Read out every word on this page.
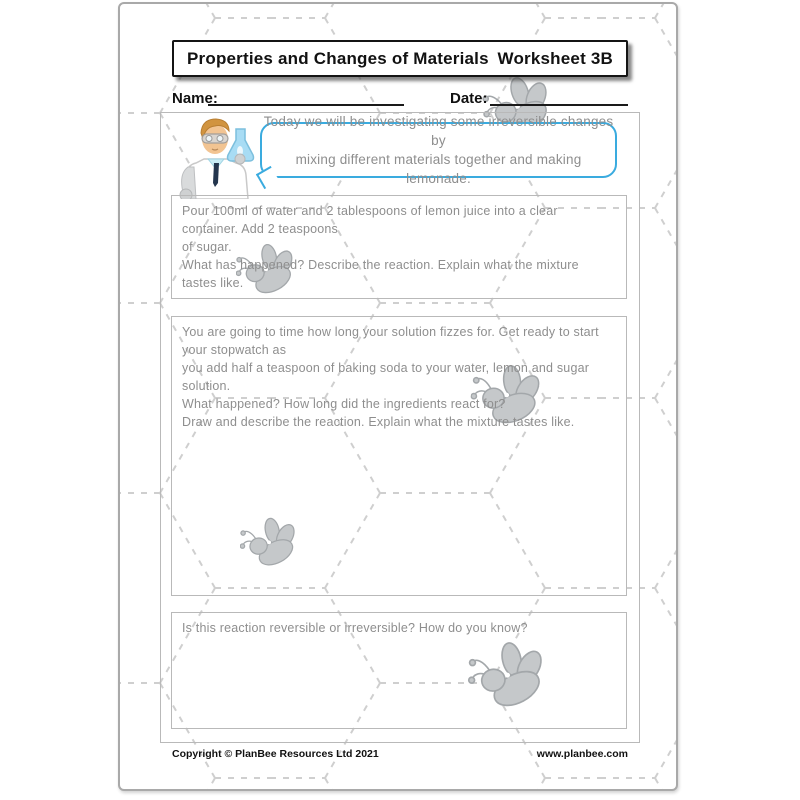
Properties and Changes of Materials Worksheet 3B
Name:	Date:
Today we will be investigating some irreversible changes by
mixing different materials together and making lemonade.

Pour 100ml of water and 2 tablespoons of lemon juice into a clear container. Add 2 teaspoons

of sugar.

What has happened? Describe the reaction. Explain what the mixture tastes like.

You are going to time how long your solution fizzes for. Get ready to start your stopwatch as

you add half a teaspoon of baking soda to your water, lemon and sugar solution.

What happened? How long did the ingredients react for?

Draw and describe the reaction. Explain what the mixture tastes like.

Is this reaction reversible or irreversible? How do you know?

Copyright © PlanBee Resources Ltd 2021	www.planbee.com
